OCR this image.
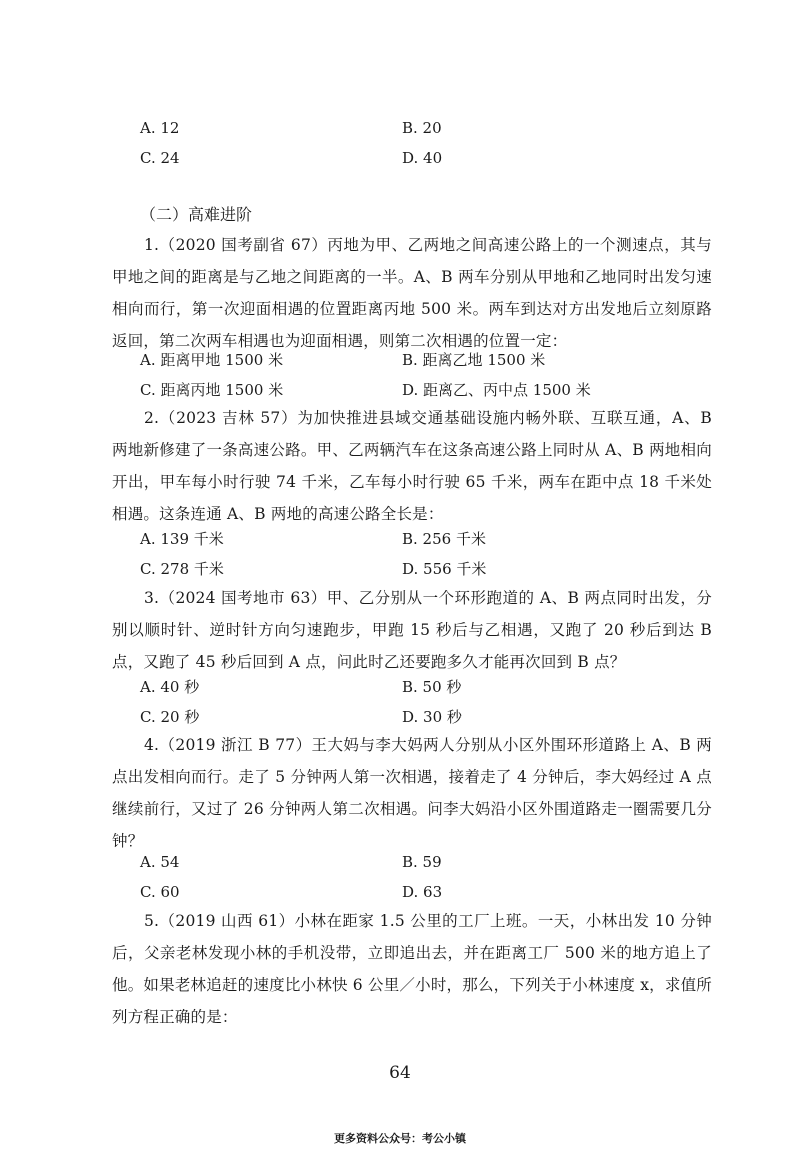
A. 12	B. 20
C. 24	D. 40
（二）高难进阶
1.（2020 国考副省 67）丙地为甲、乙两地之间高速公路上的一个测速点，其与甲地之间的距离是与乙地之间距离的一半。A、B 两车分别从甲地和乙地同时出发匀速相向而行，第一次迎面相遇的位置距离丙地 500 米。两车到达对方出发地后立刻原路返回，第二次两车相遇也为迎面相遇，则第二次相遇的位置一定：
A. 距离甲地 1500 米	B. 距离乙地 1500 米
C. 距离丙地 1500 米	D. 距离乙、丙中点 1500 米
2.（2023 吉林 57）为加快推进县域交通基础设施内畅外联、互联互通，A、B 两地新修建了一条高速公路。甲、乙两辆汽车在这条高速公路上同时从 A、B 两地相向开出，甲车每小时行驶 74 千米，乙车每小时行驶 65 千米，两车在距中点 18 千米处相遇。这条连通 A、B 两地的高速公路全长是：
A. 139 千米	B. 256 千米
C. 278 千米	D. 556 千米
3.（2024 国考地市 63）甲、乙分别从一个环形跑道的 A、B 两点同时出发，分别以顺时针、逆时针方向匀速跑步，甲跑 15 秒后与乙相遇，又跑了 20 秒后到达 B 点，又跑了 45 秒后回到 A 点，问此时乙还要跑多久才能再次回到 B 点？
A. 40 秒	B. 50 秒
C. 20 秒	D. 30 秒
4.（2019 浙江 B 77）王大妈与李大妈两人分别从小区外围环形道路上 A、B 两点出发相向而行。走了 5 分钟两人第一次相遇，接着走了 4 分钟后，李大妈经过 A 点继续前行，又过了 26 分钟两人第二次相遇。问李大妈沿小区外围道路走一圈需要几分钟？
A. 54	B. 59
C. 60	D. 63
5.（2019 山西 61）小林在距家 1.5 公里的工厂上班。一天，小林出发 10 分钟后，父亲老林发现小林的手机没带，立即追出去，并在距离工厂 500 米的地方追上了他。如果老林追赶的速度比小林快 6 公里／小时，那么，下列关于小林速度 x，求值所列方程正确的是：
64
更多资料公众号：考公小镇
